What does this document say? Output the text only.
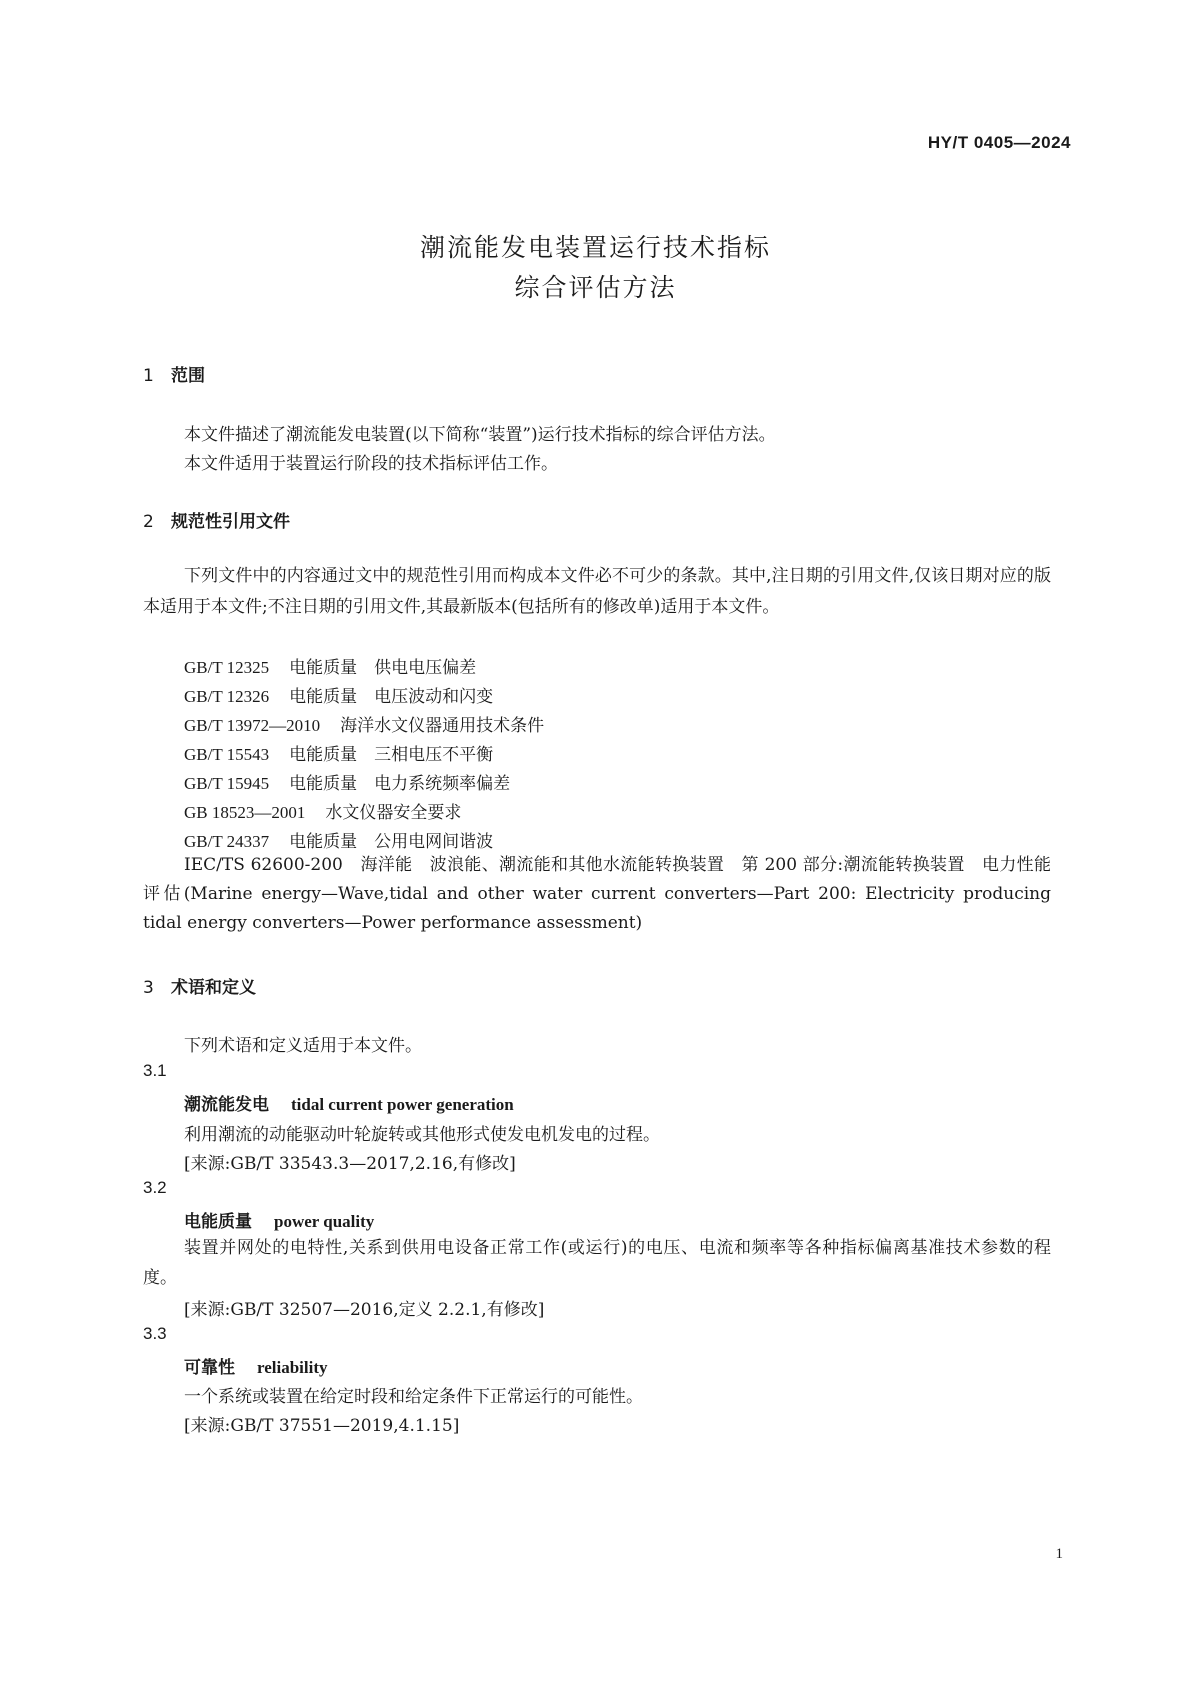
HY/T 0405—2024
潮流能发电装置运行技术指标
综合评估方法
1 范围
本文件描述了潮流能发电装置(以下简称“装置”)运行技术指标的综合评估方法。
本文件适用于装置运行阶段的技术指标评估工作。
2 规范性引用文件
下列文件中的内容通过文中的规范性引用而构成本文件必不可少的条款。其中,注日期的引用文件,仅该日期对应的版本适用于本文件;不注日期的引用文件,其最新版本(包括所有的修改单)适用于本文件。
GB/T 12325 电能质量　供电电压偏差
GB/T 12326 电能质量　电压波动和闪变
GB/T 13972—2010 海洋水文仪器通用技术条件
GB/T 15543 电能质量　三相电压不平衡
GB/T 15945 电能质量　电力系统频率偏差
GB 18523—2001 水文仪器安全要求
GB/T 24337 电能质量　公用电网间谐波
IEC/TS 62600-200　海洋能　波浪能、潮流能和其他水流能转换装置　第 200 部分:潮流能转换装置　电力性能评估(Marine energy—Wave,tidal and other water current converters—Part 200: Electricity producing tidal energy converters—Power performance assessment)
3 术语和定义
下列术语和定义适用于本文件。
3.1
潮流能发电 tidal current power generation
利用潮流的动能驱动叶轮旋转或其他形式使发电机发电的过程。
[来源:GB/T 33543.3—2017,2.16,有修改]
3.2
电能质量 power quality
装置并网处的电特性,关系到供用电设备正常工作(或运行)的电压、电流和频率等各种指标偏离基准技术参数的程度。
[来源:GB/T 32507—2016,定义 2.2.1,有修改]
3.3
可靠性 reliability
一个系统或装置在给定时段和给定条件下正常运行的可能性。
[来源:GB/T 37551—2019,4.1.15]
1
